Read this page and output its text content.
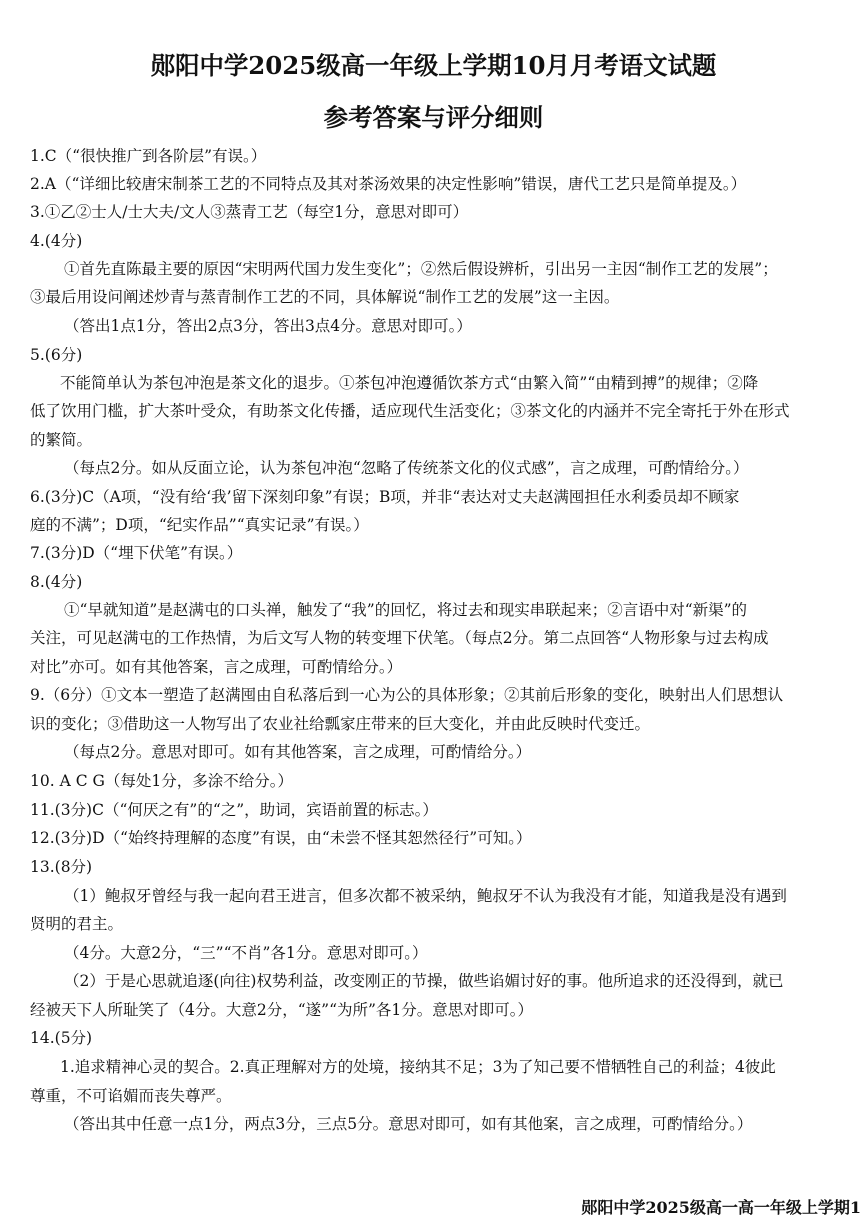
郧阳中学2025级高一年级上学期10月月考语文试题
参考答案与评分细则
1.C（“很快推广到各阶层”有误。）
2.A（“详细比较唐宋制茶工艺的不同特点及其对茶汤效果的决定性影响”错误，唐代工艺只是简单提及。）
3.①乙②士人/士大夫/文人③蒸青工艺（每空1分，意思对即可）
4.(4分)
①首先直陈最主要的原因“宋明两代国力发生变化”；②然后假设辨析，引出另一主因“制作工艺的发展”；
③最后用设问阐述炒青与蒸青制作工艺的不同，具体解说“制作工艺的发展”这一主因。
（答出1点1分，答出2点3分，答出3点4分。意思对即可。）
5.(6分)
不能简单认为茶包冲泡是茶文化的退步。①茶包冲泡遵循饮茶方式“由繁入简”“由精到搏”的规律；②降
低了饮用门槛，扩大茶叶受众，有助茶文化传播，适应现代生活变化；③茶文化的内涵并不完全寄托于外在形式
的繁简。
（每点2分。如从反面立论，认为茶包冲泡“忽略了传统茶文化的仪式感”，言之成理，可酌情给分。）
6.(3分)C（A项，“没有给‘我’留下深刻印象”有误；B项，并非“表达对丈夫赵满囤担任水利委员却不顾家
庭的不满”；D项，“纪实作品”“真实记录”有误。）
7.(3分)D（“埋下伏笔”有误。）
8.(4分)
①“早就知道”是赵满屯的口头禅，触发了“我”的回忆，将过去和现实串联起来；②言语中对“新渠”的
关注，可见赵满屯的工作热情，为后文写人物的转变埋下伏笔。（每点2分。第二点回答“人物形象与过去构成
对比”亦可。如有其他答案，言之成理，可酌情给分。）
9.（6分）①文本一塑造了赵满囤由自私落后到一心为公的具体形象；②其前后形象的变化，映射出人们思想认
识的变化；③借助这一人物写出了农业社给瓢家庄带来的巨大变化，并由此反映时代变迁。
（每点2分。意思对即可。如有其他答案，言之成理，可酌情给分。）
10. A C G（每处1分，多涂不给分。）
11.(3分)C（“何厌之有”的“之”，助词，宾语前置的标志。）
12.(3分)D（“始终持理解的态度”有误，由“未尝不怪其恕然径行”可知。）
13.(8分)
（1）鲍叔牙曾经与我一起向君王进言，但多次都不被采纳，鲍叔牙不认为我没有才能，知道我是没有遇到
贤明的君主。
（4分。大意2分，“三”“不肖”各1分。意思对即可。）
（2）于是心思就追逐(向往)权势利益，改变刚正的节操，做些谄媚讨好的事。他所追求的还没得到，就已
经被天下人所耻笑了（4分。大意2分，“遂”“为所”各1分。意思对即可。）
14.(5分)
1.追求精神心灵的契合。2.真正理解对方的处境，接纳其不足；3为了知己要不惜牺牲自己的利益；4彼此
尊重，不可谄媚而丧失尊严。
（答出其中任意一点1分，两点3分，三点5分。意思对即可，如有其他案，言之成理，可酌情给分。）
郧阳中学2025级高一高一年级上学期1
